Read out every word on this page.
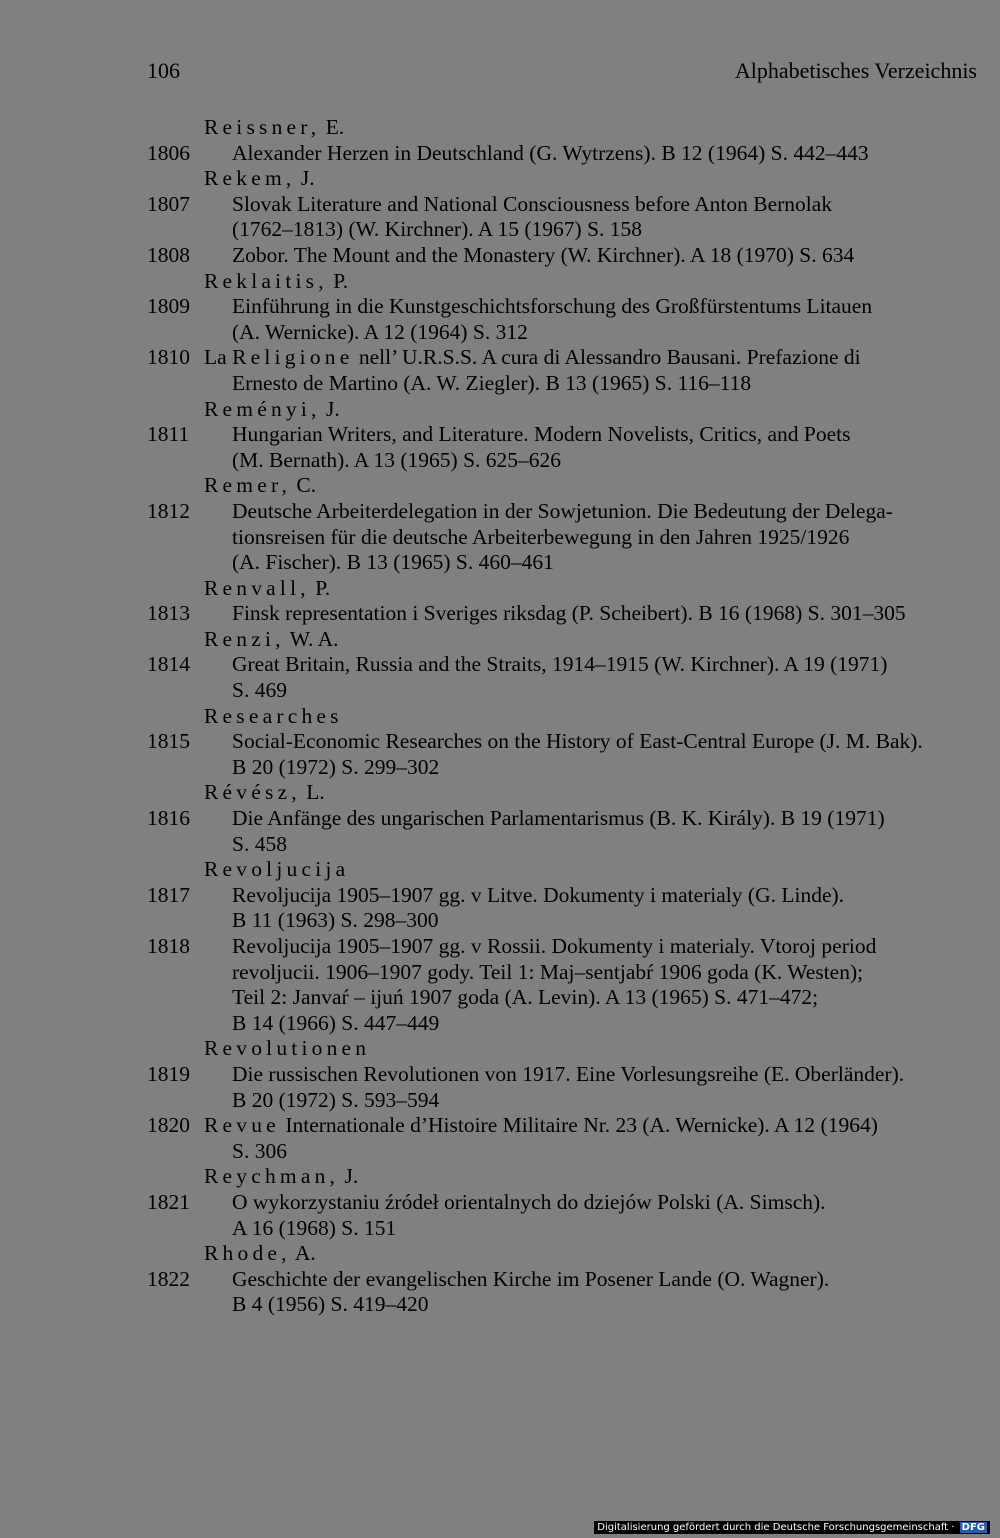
106	Alphabetisches Verzeichnis
Reissner, E.
1806 Alexander Herzen in Deutschland (G. Wytrzens). B 12 (1964) S. 442–443
Rekem, J.
1807 Slovak Literature and National Consciousness before Anton Bernolak
(1762–1813) (W. Kirchner). A 15 (1967) S. 158
1808 Zobor. The Mount and the Monastery (W. Kirchner). A 18 (1970) S. 634
Reklaitis, P.
1809 Einführung in die Kunstgeschichtsforschung des Großfürstentums Litauen
(A. Wernicke). A 12 (1964) S. 312
1810 La Religione nell’ U.R.S.S. A cura di Alessandro Bausani. Prefazione di
Ernesto de Martino (A. W. Ziegler). B 13 (1965) S. 116–118
Reményi, J.
1811 Hungarian Writers, and Literature. Modern Novelists, Critics, and Poets
(M. Bernath). A 13 (1965) S. 625–626
Remer, C.
1812 Deutsche Arbeiterdelegation in der Sowjetunion. Die Bedeutung der Delega-
tionsreisen für die deutsche Arbeiterbewegung in den Jahren 1925/1926
(A. Fischer). B 13 (1965) S. 460–461
Renvall, P.
1813 Finsk representation i Sveriges riksdag (P. Scheibert). B 16 (1968) S. 301–305
Renzi, W. A.
1814 Great Britain, Russia and the Straits, 1914–1915 (W. Kirchner). A 19 (1971)
S. 469
Researches
1815 Social-Economic Researches on the History of East-Central Europe (J. M. Bak).
B 20 (1972) S. 299–302
Révész, L.
1816 Die Anfänge des ungarischen Parlamentarismus (B. K. Király). B 19 (1971)
S. 458
Revoljucija
1817 Revoljucija 1905–1907 gg. v Litve. Dokumenty i materialy (G. Linde).
B 11 (1963) S. 298–300
1818 Revoljucija 1905–1907 gg. v Rossii. Dokumenty i materialy. Vtoroj period
revoljucii. 1906–1907 gody. Teil 1: Maj–sentjabŕ 1906 goda (K. Westen);
Teil 2: Janvaŕ – ijuń 1907 goda (A. Levin). A 13 (1965) S. 471–472;
B 14 (1966) S. 447–449
Revolutionen
1819 Die russischen Revolutionen von 1917. Eine Vorlesungsreihe (E. Oberländer).
B 20 (1972) S. 593–594
1820 Revue Internationale d’Histoire Militaire Nr. 23 (A. Wernicke). A 12 (1964)
S. 306
Reychman, J.
1821 O wykorzystaniu źródeł orientalnych do dziejów Polski (A. Simsch).
A 16 (1968) S. 151
Rhode, A.
1822 Geschichte der evangelischen Kirche im Posener Lande (O. Wagner).
B 4 (1956) S. 419–420
Digitalisierung gefördert durch die Deutsche Forschungsgemeinschaft · DFG
